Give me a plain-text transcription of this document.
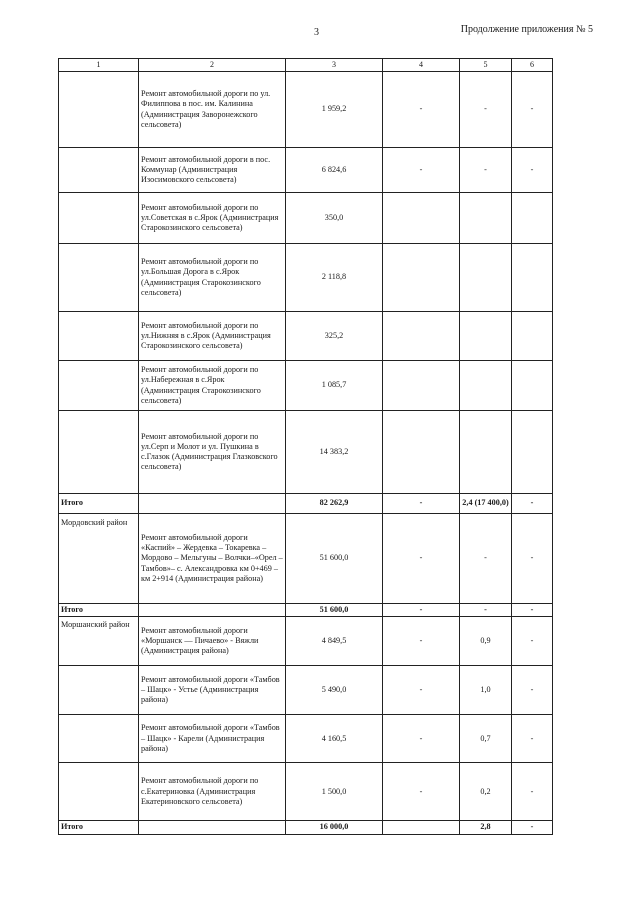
3	Продолжение приложения № 5
1	2	3	4	5	6
	Ремонт автомобильной дороги по ул. Филиппова в пос. им. Калинина (Администрация Заворонежского сельсовета)	1 959,2	-	-	-
	Ремонт автомобильной дороги в пос. Коммунар (Администрация Изосимовского сельсовета)	6 824,6	-	-	-
	Ремонт автомобильной дороги по ул.Советская в с.Ярок (Администрация Старокозинского сельсовета)	350,0			
	Ремонт автомобильной дороги по ул.Большая Дорога в с.Ярок (Администрация Старокозинского сельсовета)	2 118,8			
	Ремонт автомобильной дороги по ул.Нижняя в с.Ярок (Администрация Старокозинского сельсовета)	325,2			
	Ремонт автомобильной дороги по ул.Набережная в с.Ярок (Администрация Старокозинского сельсовета)	1 085,7			
	Ремонт автомобильной дороги по ул.Серп и Молот и ул. Пушкина в с.Глазок (Администрация Глазковского сельсовета)	14 383,2			
Итого		82 262,9	-	2,4 (17 400,0)	-
Мордовский район	Ремонт автомобильной дороги «Каспий» – Жердевка – Токаревка – Мордово – Мельгуны – Волчки–«Орел – Тамбов»– с. Александровка км 0+469 – км 2+914 (Администрация района)	51 600,0	-	-	-
Итого		51 600,0	-	-	-
Моршанский район	Ремонт автомобильной дороги «Моршанск — Пичаево» - Вяжли (Администрация района)	4 849,5	-	0,9	-
	Ремонт автомобильной дороги «Тамбов – Шацк» - Устье (Администрация района)	5 490,0	-	1,0	-
	Ремонт автомобильной дороги «Тамбов – Шацк» - Карели (Администрация района)	4 160,5	-	0,7	-
	Ремонт автомобильной дороги по с.Екатериновка (Администрация Екатериновского сельсовета)	1 500,0	-	0,2	-
Итого		16 000,0		2,8	-
